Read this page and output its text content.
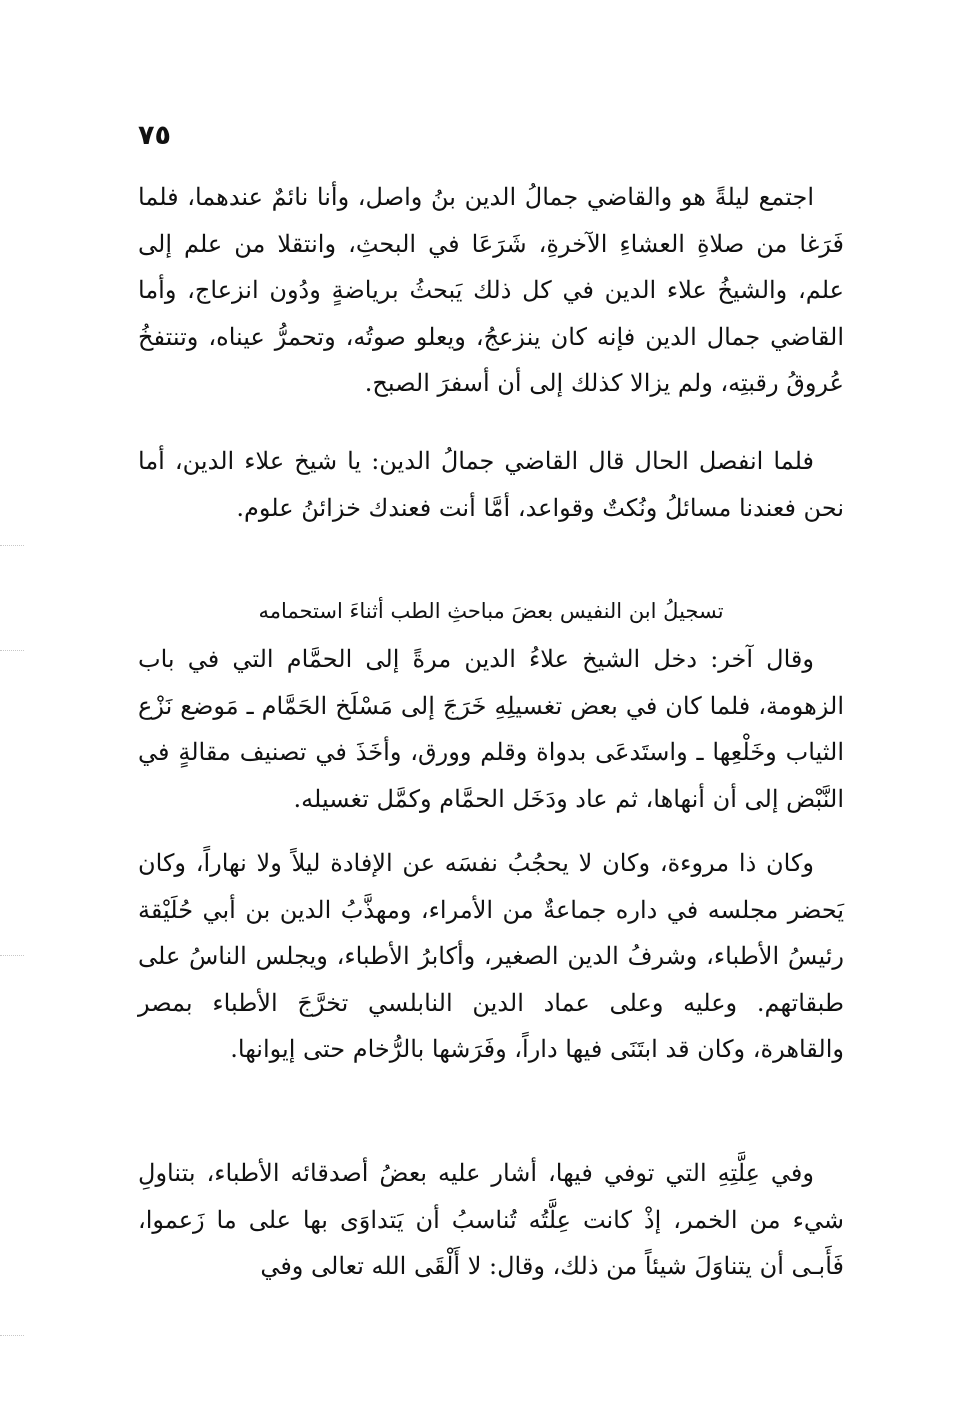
٧٥

اجتمع ليلةً هو والقاضي جمالُ الدين بنُ واصل، وأنا نائمٌ عندهما، فلما فَرَغا من صلاةِ العشاءِ الآخرةِ، شَرَعَا في البحثِ، وانتقلا من علم إلى علم، والشيخُ علاء الدين في كل ذلك يَبحثُ برياضةٍ ودُون انزعاج، وأما القاضي جمال الدين فإنه كان ينزعجُ، ويعلو صوتُه، وتحمرُّ عيناه، وتنتفخُ عُروقُ رقبتِه، ولم يزالا كذلك إلى أن أسفرَ الصبح.

فلما انفصل الحال قال القاضي جمالُ الدين: يا شيخ علاء الدين، أما نحن فعندنا مسائلُ ونُكتٌ وقواعد، أمَّا أنت فعندك خزائنُ علوم.

تسجيلُ ابن النفيس بعضَ مباحثِ الطب أثناءَ استحمامه

وقال آخر: دخل الشيخ علاءُ الدين مرةً إلى الحمَّام التي في باب الزهومة، فلما كان في بعض تغسيلِهِ خَرَجَ إلى مَسْلَخ الحَمَّام ـ مَوضع نَزْع الثياب وخَلْعِها ـ واستَدعَى بدواة وقلم وورق، وأخَذَ في تصنيف مقالةٍ في النَّبْض إلى أن أنهاها، ثم عاد ودَخَل الحمَّام وكمَّل تغسيله.

وكان ذا مروءة، وكان لا يحجُبُ نفسَه عن الإفادة ليلاً ولا نهاراً، وكان يَحضر مجلسه في داره جماعةٌ من الأمراء، ومهذَّبُ الدين بن أبي حُلَيْقة رئيسُ الأطباء، وشرفُ الدين الصغير، وأكابرُ الأطباء، ويجلس الناسُ على طبقاتهم. وعليه وعلى عماد الدين النابلسي تخرَّجَ الأطباء بمصر والقاهرة، وكان قد ابتَنَى فيها داراً، وفَرَشها بالرُّخام حتى إيوانها.

وفي عِلَّتِهِ التي توفي فيها، أشار عليه بعضُ أصدقائه الأطباء، بتناولِ شيء من الخمر، إذْ كانت عِلَّتُه تُناسبُ أن يَتداوَى بها على ما زَعموا، فَأَبـى أن يتناوَلَ شيئاً من ذلك، وقال: لا أَلْقَى الله تعالى وفي
